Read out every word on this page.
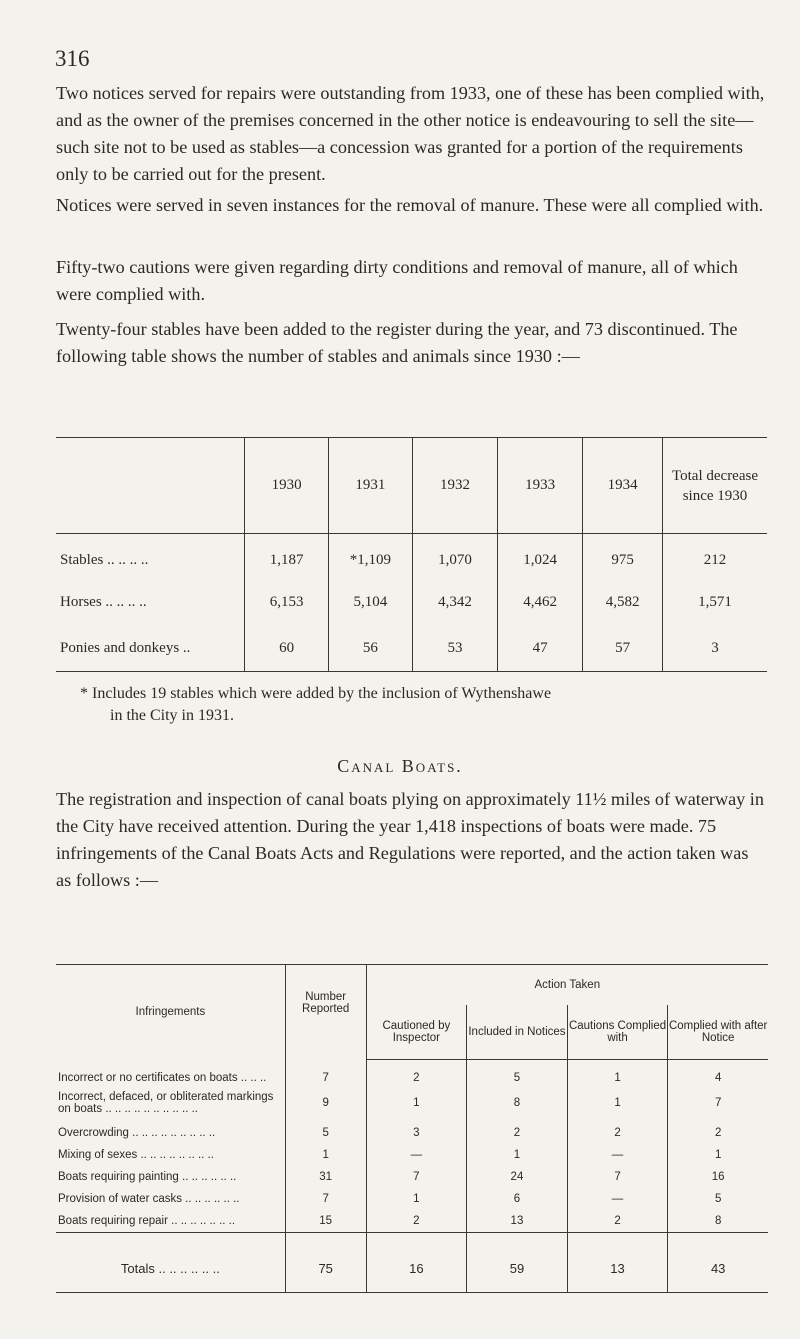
316

Two notices served for repairs were outstanding from 1933, one of these has been complied with, and as the owner of the premises concerned in the other notice is endeavouring to sell the site—such site not to be used as stables—a concession was granted for a portion of the requirements only to be carried out for the present.

Notices were served in seven instances for the removal of manure. These were all complied with.

Fifty-two cautions were given regarding dirty conditions and removal of manure, all of which were complied with.

Twenty-four stables have been added to the register during the year, and 73 discontinued. The following table shows the number of stables and animals since 1930 :—

	1930	1931	1932	1933	1934	Total decrease since 1930
Stables .. .. .. ..	1,187	*1,109	1,070	1,024	975	212
Horses .. .. .. ..	6,153	5,104	4,342	4,462	4,582	1,571
Ponies and donkeys ..	60	56	53	47	57	3
* Includes 19 stables which were added by the inclusion of Wythenshawe
in the City in 1931.
Canal Boats.

The registration and inspection of canal boats plying on approximately 11½ miles of waterway in the City have received attention. During the year 1,418 inspections of boats were made. 75 infringements of the Canal Boats Acts and Regulations were reported, and the action taken was as follows :—

Infringements	Number Reported	Action Taken			
		Cautioned by Inspector	Included in Notices	Cautions Complied with	Complied with after Notice
Incorrect or no certificates on boats .. .. ..	7	2	5	1	4
Incorrect, defaced, or obliterated markings on boats .. .. .. .. .. .. .. .. .. ..	9	1	8	1	7
Overcrowding .. .. .. .. .. .. .. .. ..	5	3	2	2	2
Mixing of sexes .. .. .. .. .. .. .. ..	1	—	1	—	1
Boats requiring painting .. .. .. .. .. ..	31	7	24	7	16
Provision of water casks .. .. .. .. .. ..	7	1	6	—	5
Boats requiring repair .. .. .. .. .. .. ..	15	2	13	2	8
Totals .. .. .. .. .. ..	75	16	59	13	43
